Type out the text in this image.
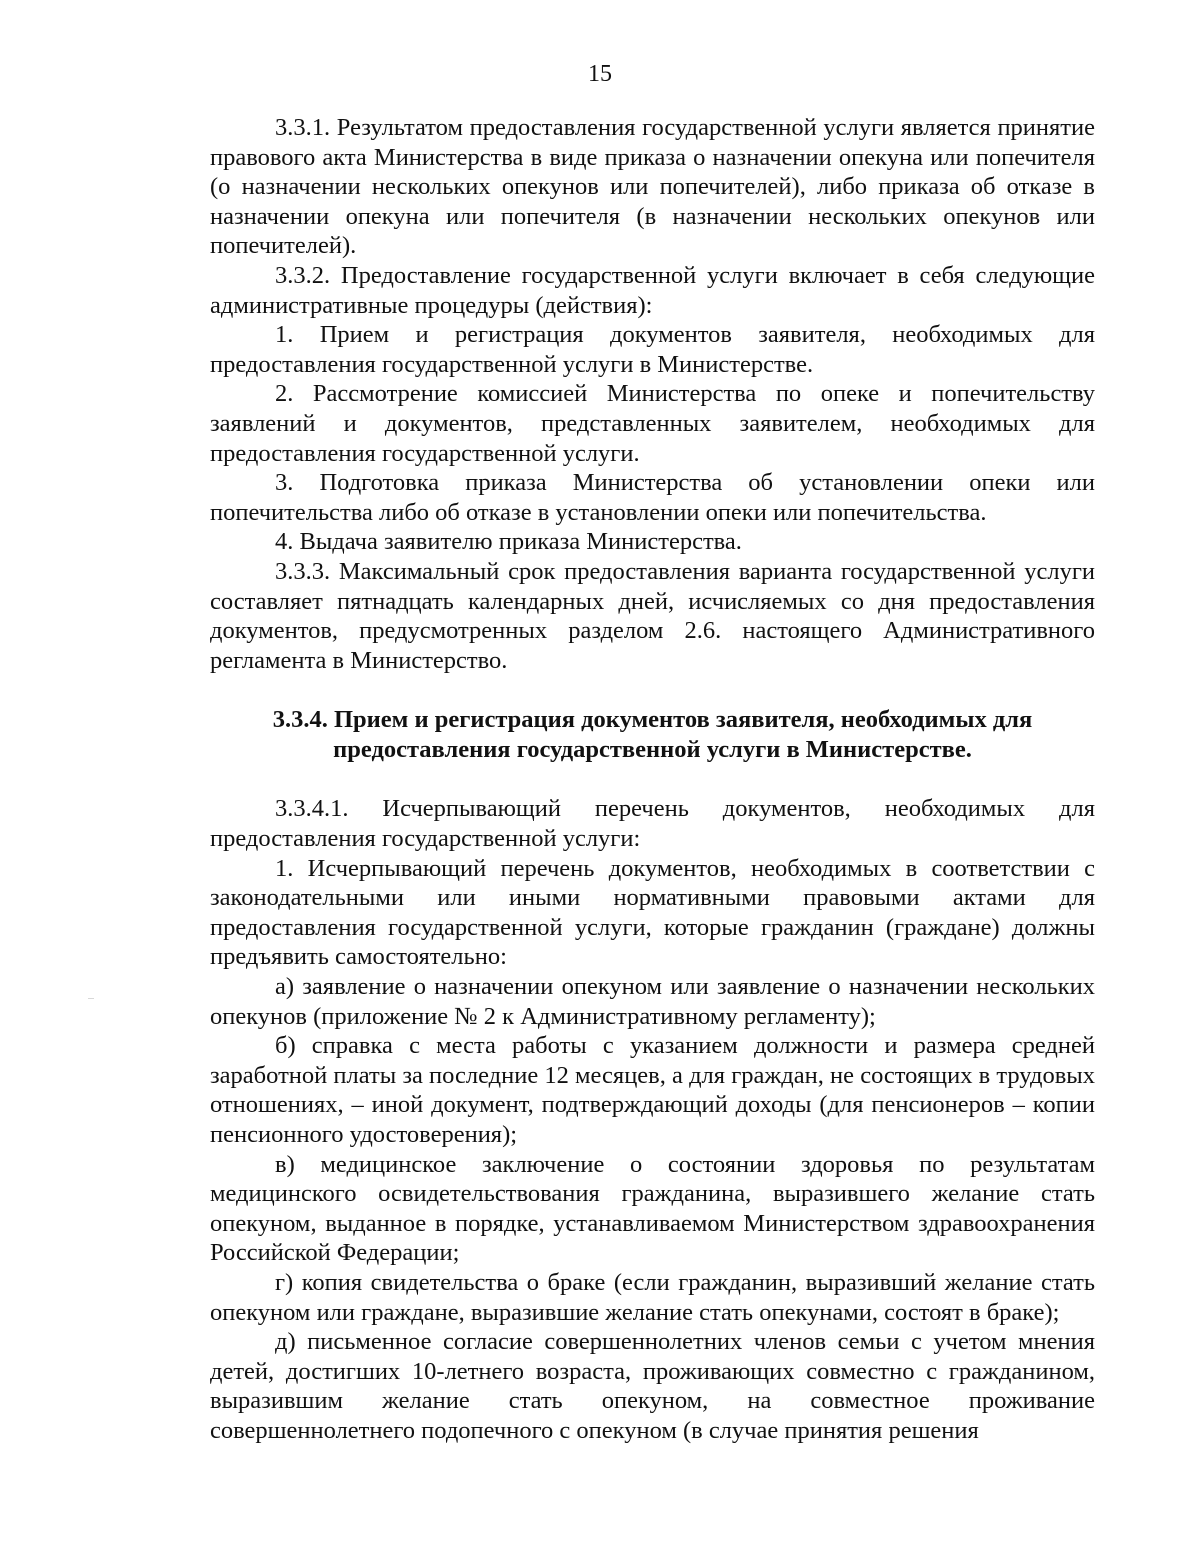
15

3.3.1. Результатом предоставления государственной услуги является принятие правового акта Министерства в виде приказа о назначении опекуна или попечителя (о назначении нескольких опекунов или попечителей), либо приказа об отказе в назначении опекуна или попечителя (в назначении нескольких опекунов или попечителей).

3.3.2. Предоставление государственной услуги включает в себя следующие административные процедуры (действия):

1. Прием и регистрация документов заявителя, необходимых для предоставления государственной услуги в Министерстве.

2. Рассмотрение комиссией Министерства по опеке и попечительству заявлений и документов, представленных заявителем, необходимых для предоставления государственной услуги.

3. Подготовка приказа Министерства об установлении опеки или попечительства либо об отказе в установлении опеки или попечительства.

4. Выдача заявителю приказа Министерства.

3.3.3. Максимальный срок предоставления варианта государственной услуги составляет пятнадцать календарных дней, исчисляемых со дня предоставления документов, предусмотренных разделом 2.6. настоящего Административного регламента в Министерство.

3.3.4. Прием и регистрация документов заявителя, необходимых для предоставления государственной услуги в Министерстве.

3.3.4.1. Исчерпывающий перечень документов, необходимых для предоставления государственной услуги:

1. Исчерпывающий перечень документов, необходимых в соответствии с законодательными или иными нормативными правовыми актами для предоставления государственной услуги, которые гражданин (граждане) должны предъявить самостоятельно:

а) заявление о назначении опекуном или заявление о назначении нескольких опекунов (приложение № 2 к Административному регламенту);

б) справка с места работы с указанием должности и размера средней заработной платы за последние 12 месяцев, а для граждан, не состоящих в трудовых отношениях, – иной документ, подтверждающий доходы (для пенсионеров – копии пенсионного удостоверения);

в) медицинское заключение о состоянии здоровья по результатам медицинского освидетельствования гражданина, выразившего желание стать опекуном, выданное в порядке, устанавливаемом Министерством здравоохранения Российской Федерации;

г) копия свидетельства о браке (если гражданин, выразивший желание стать опекуном или граждане, выразившие желание стать опекунами, состоят в браке);

д) письменное согласие совершеннолетних членов семьи с учетом мнения детей, достигших 10-летнего возраста, проживающих совместно с гражданином, выразившим желание стать опекуном, на совместное проживание совершеннолетнего подопечного с опекуном (в случае принятия решения
